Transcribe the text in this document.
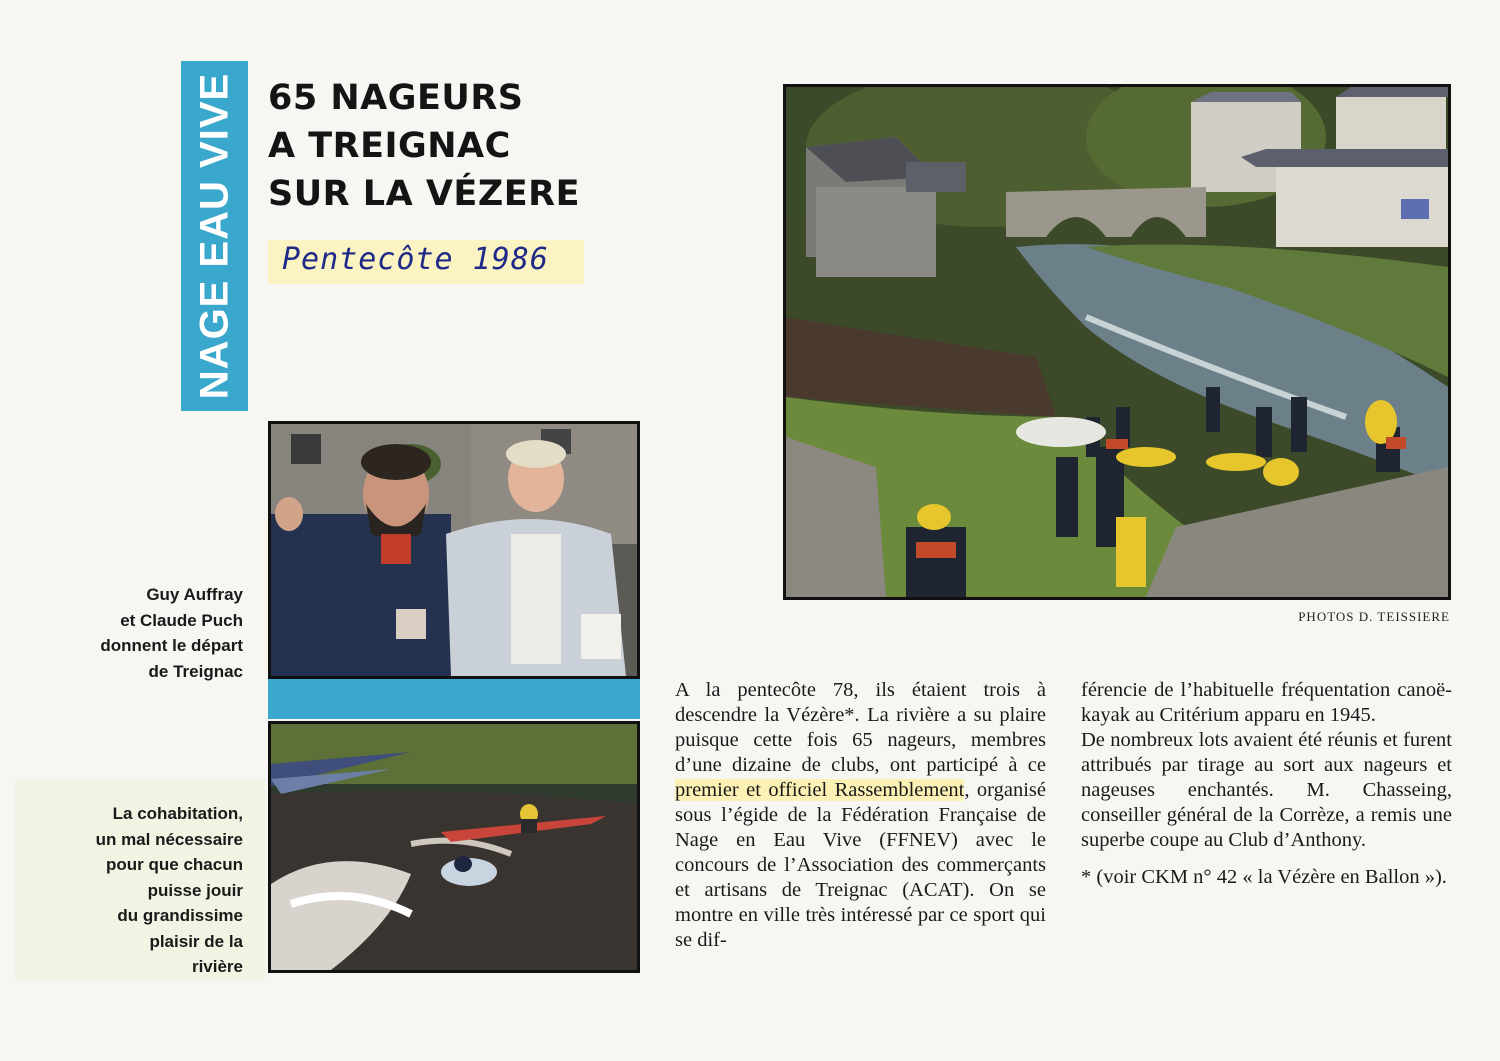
NAGE EAU VIVE 65 NAGEURS
A TREIGNAC
SUR LA VÉZERE
Pentecôte 1986
PHOTOS D. TEISSIERE
Guy Auffray
et Claude Puch
donnent le départ
de Treignac
La cohabitation,
un mal nécessaire
pour que chacun
puisse jouir
du grandissime
plaisir de la
rivière
A la pentecôte 78, ils étaient trois à descendre la Vézère*. La rivière a su plaire puisque cette fois 65 nageurs, membres d’une dizaine de clubs, ont participé à ce premier et officiel Rassemblement, organisé sous l’égide de la Fédération Française de Nage en Eau Vive (FFNEV) avec le concours de l’Association des commerçants et artisans de Treignac (ACAT). On se montre en ville très intéressé par ce sport qui se dif-
férencie de l’habituelle fréquentation canoë-kayak au Critérium apparu en 1945.
De nombreux lots avaient été réunis et furent attribués par tirage au sort aux nageurs et nageuses enchantés. M. Chasseing, conseiller général de la Corrèze, a remis une superbe coupe au Club d’Anthony.
* (voir CKM n° 42 « la Vézère en Ballon »).
